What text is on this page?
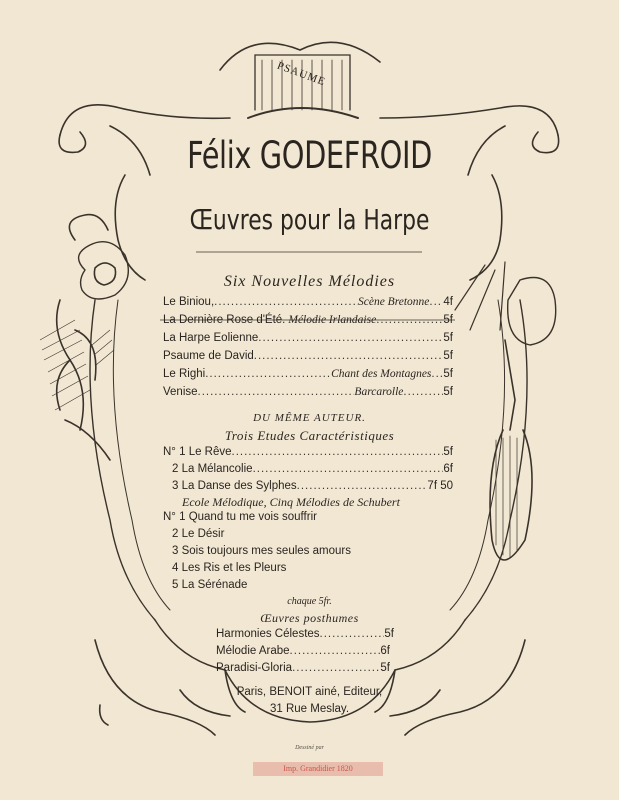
PSAUME
Félix GODEFROID
Œuvres pour la Harpe
Six Nouvelles Mélodies
Le Biniou, .....	Scène Bretonne ..... 4f
La Dernière Rose d'Été. Mélodie Irlandaise .....	5f
La Harpe Eolienne .....	5f
Psaume de David .....	5f
Le Righi .....	Chant des Montagnes ..... 5f
Venise .....	Barcarolle .....	5f
DU MÊME AUTEUR.
Trois Etudes Caractéristiques
N° 1 Le Rêve .....	5f
2 La Mélancolie .....	6f
3 La Danse des Sylphes .....	7f 50
Ecole Mélodique, Cinq Mélodies de Schubert
N° 1 Quand tu me vois souffrir
2 Le Désir
3 Sois toujours mes seules amours
4 Les Ris et les Pleurs
5 La Sérénade
chaque 5fr.
Œuvres posthumes
Harmonies Célestes .....	5f
Mélodie Arabe .....	6f
Paradisi-Gloria .....	5f
Paris, BENOIT ainé, Editeur,
31 Rue Meslay.
Dessiné par
Imp. Grandidier 1820
